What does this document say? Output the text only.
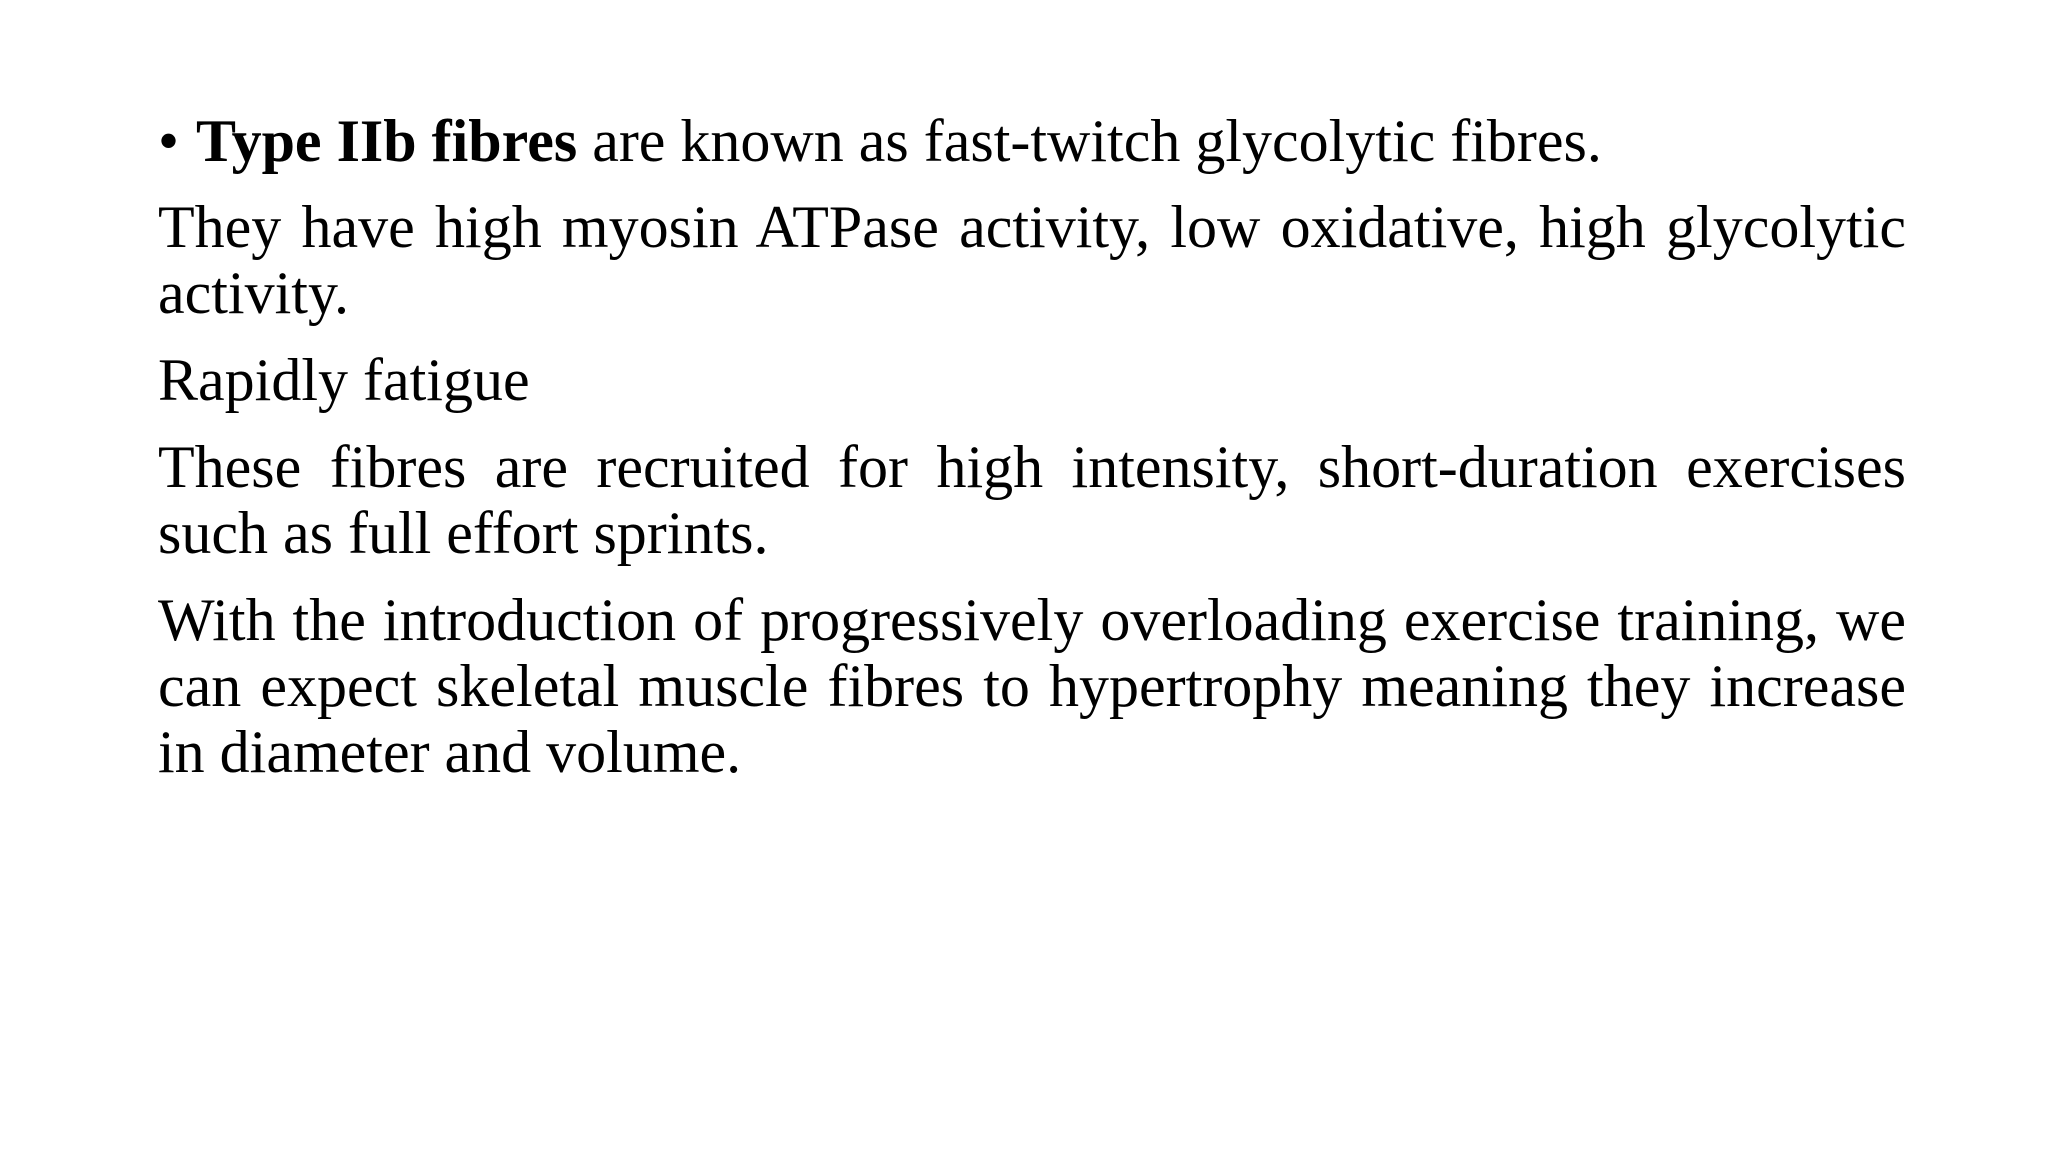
• Type IIb fibres are known as fast-twitch glycolytic fibres.

They have high myosin ATPase activity, low oxidative, high glycolytic activity.

Rapidly fatigue

These fibres are recruited for high intensity, short-duration exercises such as full effort sprints.

With the introduction of progressively overloading exercise training, we can expect skeletal muscle fibres to hypertrophy meaning they increase in diameter and volume.
